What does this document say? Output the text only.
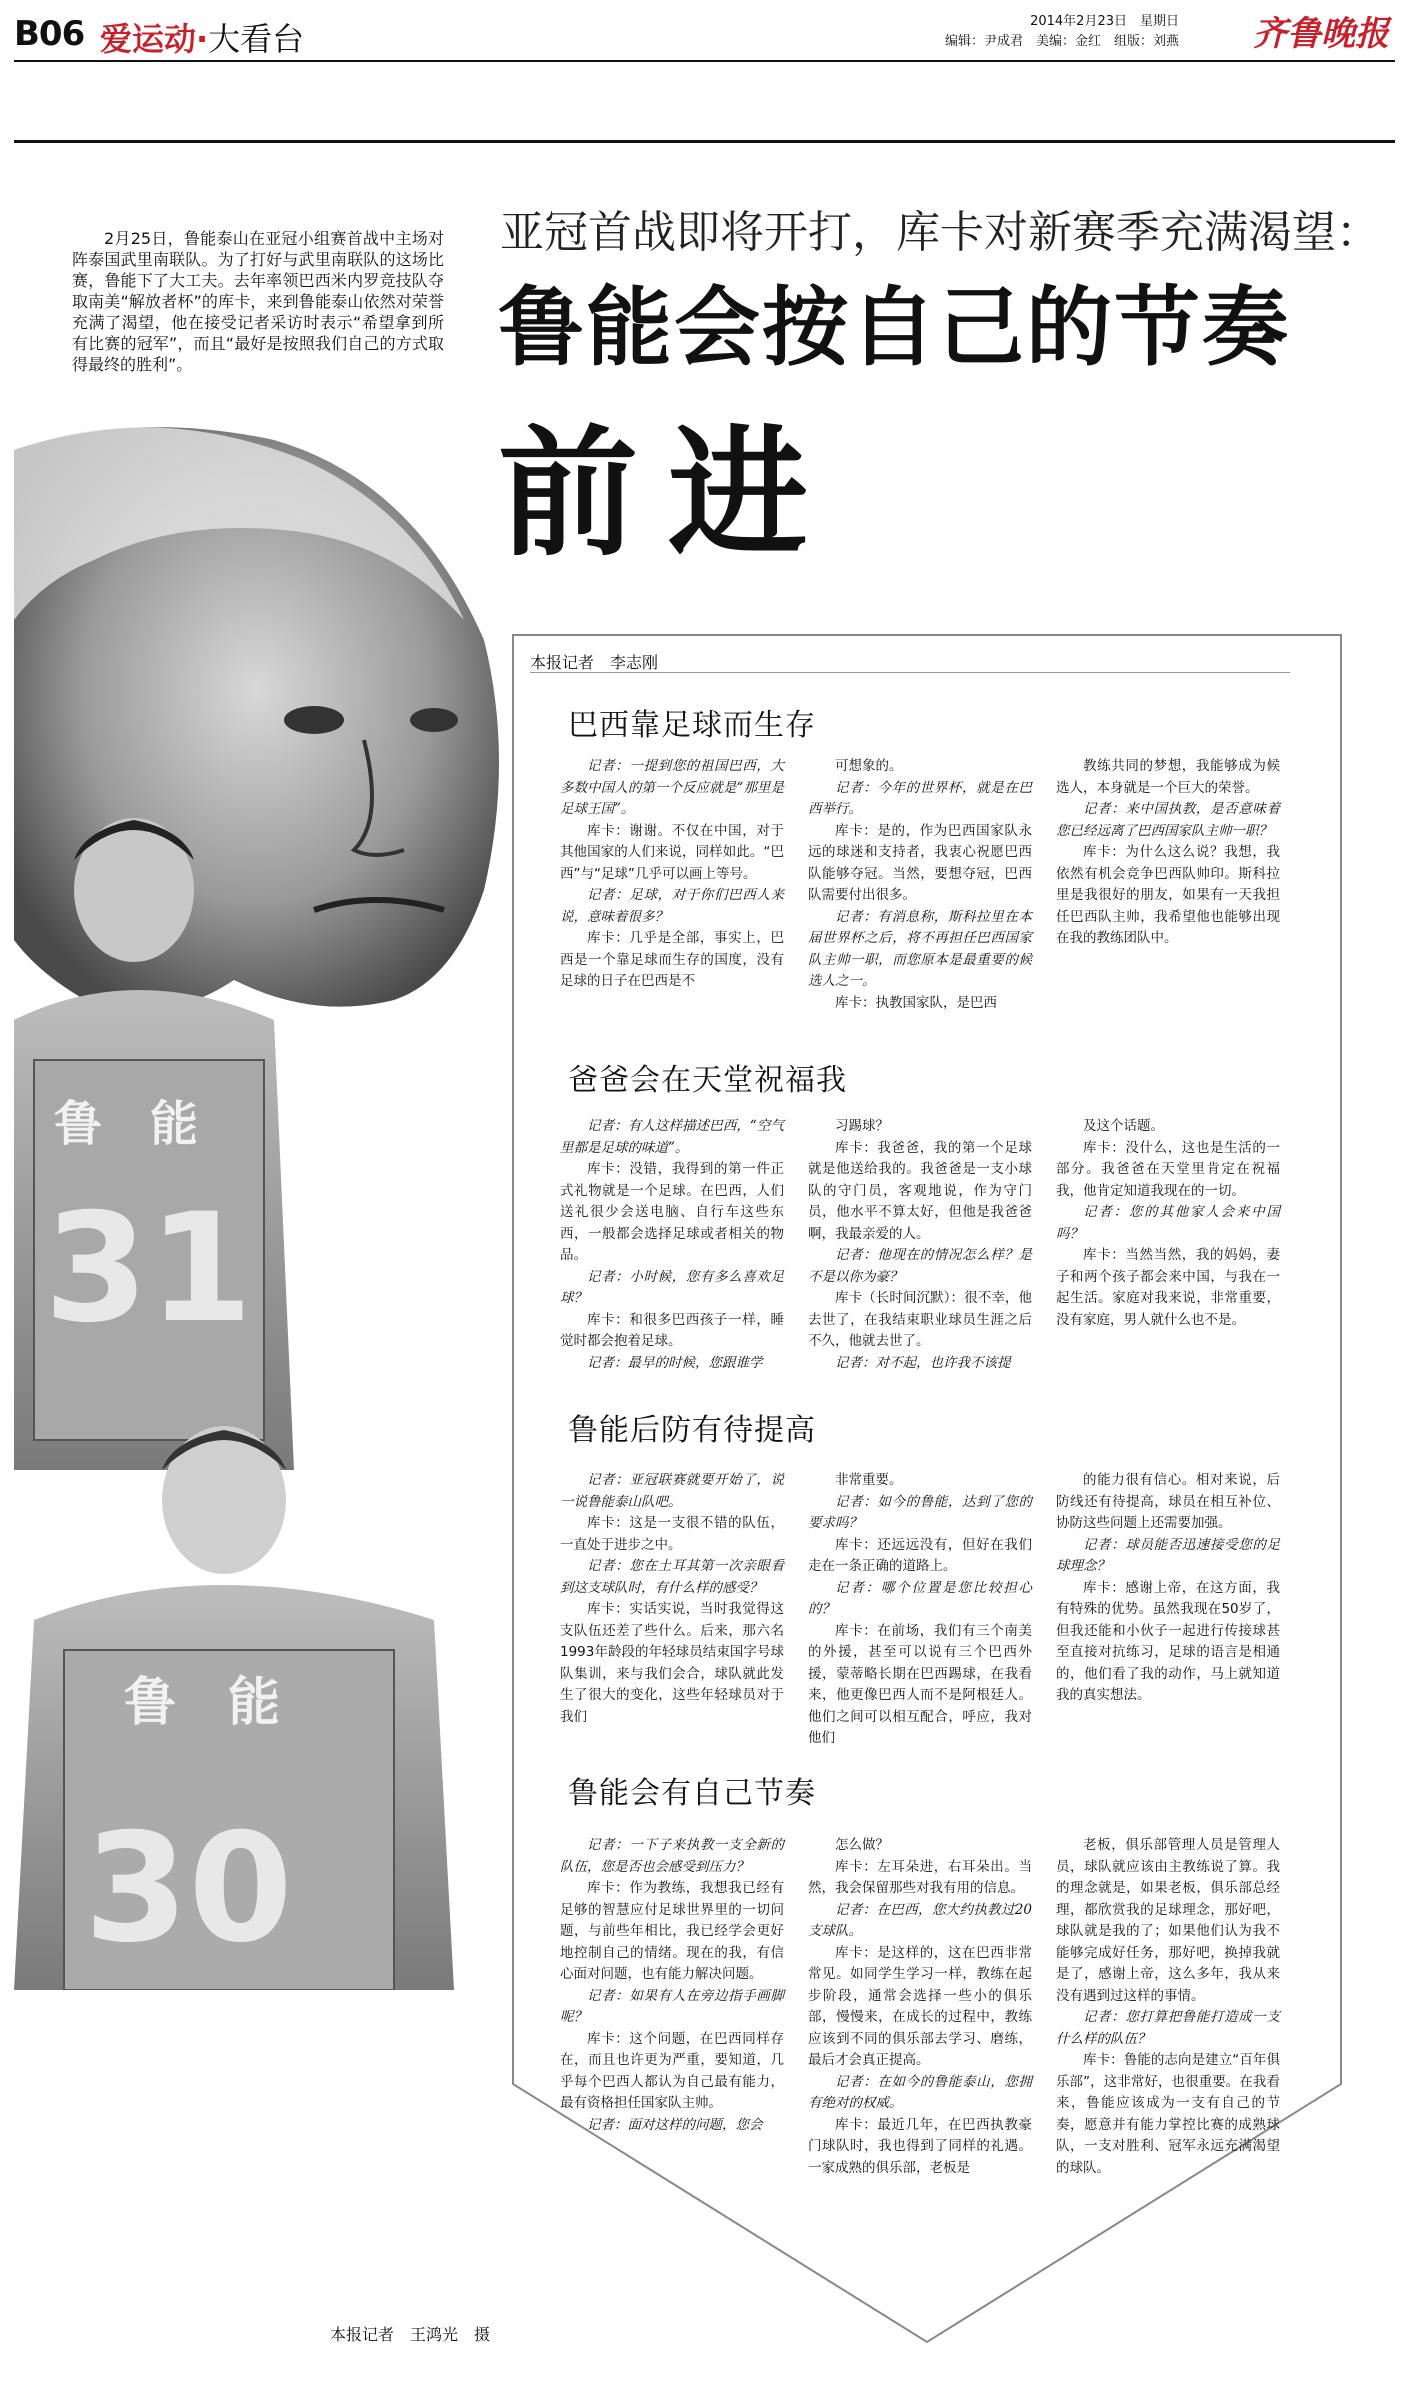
B06 爱运动·大看台	2014年2月23日　星期日
编辑：尹成君　美编：金红　组版：刘燕 齐鲁晚报
2月25日，鲁能泰山在亚冠小组赛首战中主场对阵泰国武里南联队。为了打好与武里南联队的这场比赛，鲁能下了大工夫。去年率领巴西米内罗竞技队夺取南美“解放者杯”的库卡，来到鲁能泰山依然对荣誉充满了渴望，他在接受记者采访时表示“希望拿到所有比赛的冠军”，而且“最好是按照我们自己的方式取得最终的胜利”。
亚冠首战即将开打，库卡对新赛季充满渴望：
鲁能会按自己的节奏
前进
鲁　能
31
鲁　能
30
本报记者　王鸿光　摄
本报记者　李志刚
巴西靠足球而生存

记者：一提到您的祖国巴西，大多数中国人的第一个反应就是“那里是足球王国”。

库卡：谢谢。不仅在中国，对于其他国家的人们来说，同样如此。“巴西”与“足球”几乎可以画上等号。

记者：足球，对于你们巴西人来说，意味着很多？

库卡：几乎是全部，事实上，巴西是一个靠足球而生存的国度，没有足球的日子在巴西是不

可想象的。

记者：今年的世界杯，就是在巴西举行。

库卡：是的，作为巴西国家队永远的球迷和支持者，我衷心祝愿巴西队能够夺冠。当然，要想夺冠，巴西队需要付出很多。

记者：有消息称，斯科拉里在本届世界杯之后，将不再担任巴西国家队主帅一职，而您原本是最重要的候选人之一。

库卡：执教国家队，是巴西

教练共同的梦想，我能够成为候选人，本身就是一个巨大的荣誉。

记者：来中国执教，是否意味着您已经远离了巴西国家队主帅一职？

库卡：为什么这么说？我想，我依然有机会竞争巴西队帅印。斯科拉里是我很好的朋友，如果有一天我担任巴西队主帅，我希望他也能够出现在我的教练团队中。

爸爸会在天堂祝福我

记者：有人这样描述巴西，“空气里都是足球的味道”。

库卡：没错，我得到的第一件正式礼物就是一个足球。在巴西，人们送礼很少会送电脑、自行车这些东西，一般都会选择足球或者相关的物品。

记者：小时候，您有多么喜欢足球？

库卡：和很多巴西孩子一样，睡觉时都会抱着足球。

记者：最早的时候，您跟谁学

习踢球？

库卡：我爸爸，我的第一个足球就是他送给我的。我爸爸是一支小球队的守门员，客观地说，作为守门员，他水平不算太好，但他是我爸爸啊，我最亲爱的人。

记者：他现在的情况怎么样？是不是以你为豪？

库卡（长时间沉默）：很不幸，他去世了，在我结束职业球员生涯之后不久，他就去世了。

记者：对不起，也许我不该提

及这个话题。

库卡：没什么，这也是生活的一部分。我爸爸在天堂里肯定在祝福我，他肯定知道我现在的一切。

记者：您的其他家人会来中国吗？

库卡：当然当然，我的妈妈，妻子和两个孩子都会来中国，与我在一起生活。家庭对我来说，非常重要，没有家庭，男人就什么也不是。

鲁能后防有待提高

记者：亚冠联赛就要开始了，说一说鲁能泰山队吧。

库卡：这是一支很不错的队伍，一直处于进步之中。

记者：您在土耳其第一次亲眼看到这支球队时，有什么样的感受？

库卡：实话实说，当时我觉得这支队伍还差了些什么。后来，那六名1993年龄段的年轻球员结束国字号球队集训，来与我们会合，球队就此发生了很大的变化，这些年轻球员对于我们

非常重要。

记者：如今的鲁能，达到了您的要求吗？

库卡：还远远没有，但好在我们走在一条正确的道路上。

记者：哪个位置是您比较担心的？

库卡：在前场，我们有三个南美的外援，甚至可以说有三个巴西外援，蒙蒂略长期在巴西踢球，在我看来，他更像巴西人而不是阿根廷人。他们之间可以相互配合，呼应，我对他们

的能力很有信心。相对来说，后防线还有待提高，球员在相互补位、协防这些问题上还需要加强。

记者：球员能否迅速接受您的足球理念？

库卡：感谢上帝，在这方面，我有特殊的优势。虽然我现在50岁了，但我还能和小伙子一起进行传接球甚至直接对抗练习，足球的语言是相通的，他们看了我的动作，马上就知道我的真实想法。

鲁能会有自己节奏

记者：一下子来执教一支全新的队伍，您是否也会感受到压力？

库卡：作为教练，我想我已经有足够的智慧应付足球世界里的一切问题，与前些年相比，我已经学会更好地控制自己的情绪。现在的我，有信心面对问题，也有能力解决问题。

记者：如果有人在旁边指手画脚呢？

库卡：这个问题，在巴西同样存在，而且也许更为严重，要知道，几乎每个巴西人都认为自己最有能力，最有资格担任国家队主帅。

记者：面对这样的问题，您会

怎么做？

库卡：左耳朵进，右耳朵出。当然，我会保留那些对我有用的信息。

记者：在巴西，您大约执教过20支球队。

库卡：是这样的，这在巴西非常常见。如同学生学习一样，教练在起步阶段，通常会选择一些小的俱乐部，慢慢来，在成长的过程中，教练应该到不同的俱乐部去学习、磨练，最后才会真正提高。

记者：在如今的鲁能泰山，您拥有绝对的权威。

库卡：最近几年，在巴西执教豪门球队时，我也得到了同样的礼遇。一家成熟的俱乐部，老板是

老板，俱乐部管理人员是管理人员，球队就应该由主教练说了算。我的理念就是，如果老板，俱乐部总经理，都欣赏我的足球理念，那好吧，球队就是我的了；如果他们认为我不能够完成好任务，那好吧，换掉我就是了，感谢上帝，这么多年，我从来没有遇到过这样的事情。

记者：您打算把鲁能打造成一支什么样的队伍？

库卡：鲁能的志向是建立“百年俱乐部”，这非常好，也很重要。在我看来，鲁能应该成为一支有自己的节奏，愿意并有能力掌控比赛的成熟球队，一支对胜利、冠军永远充满渴望的球队。
